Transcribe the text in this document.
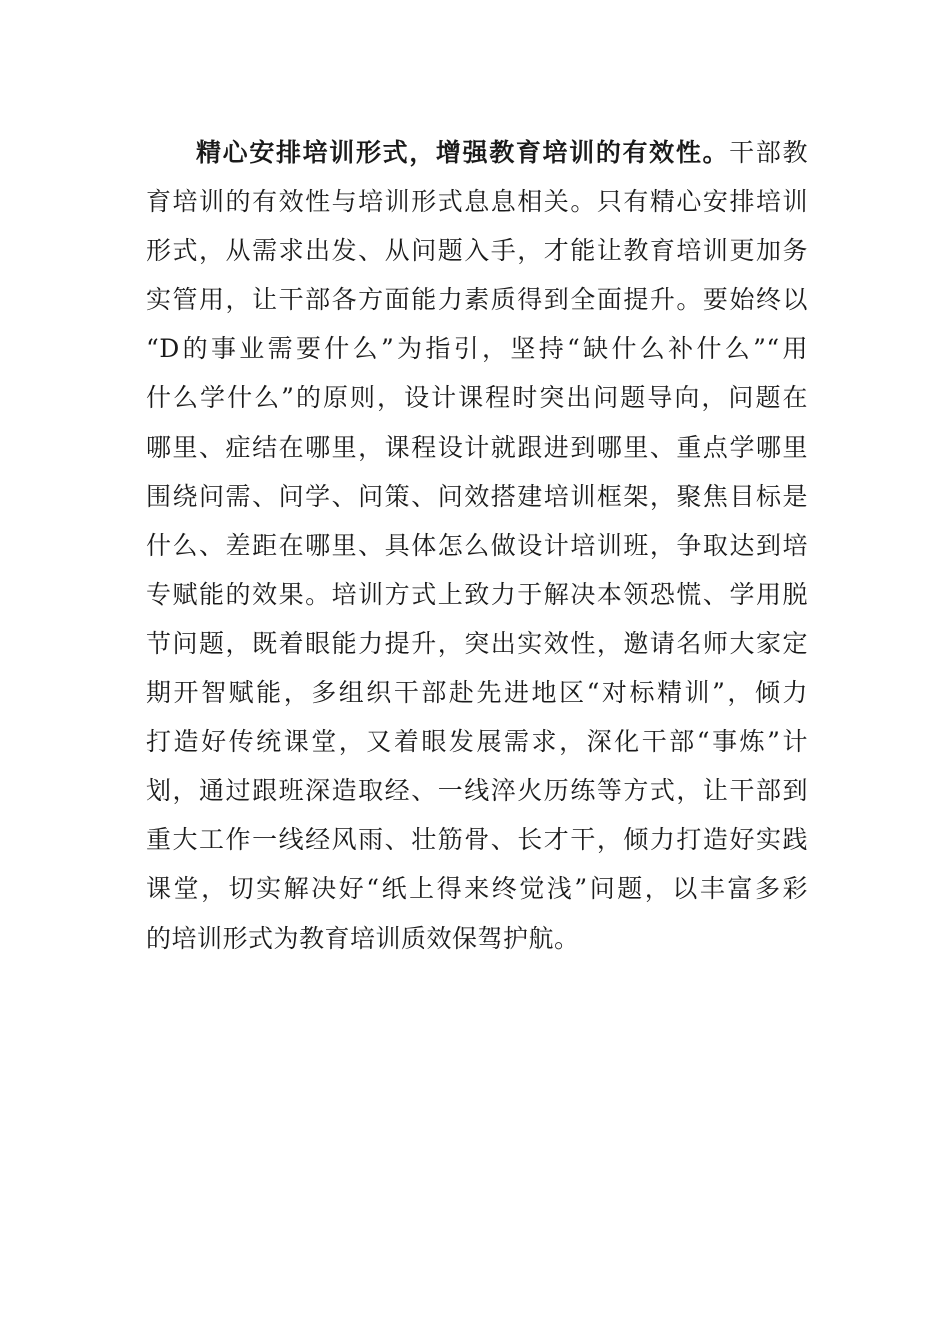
精心安排培训形式，增强教育培训的有效性。干部教
育培训的有效性与培训形式息息相关。只有精心安排培训
形式，从需求出发、从问题入手，才能让教育培训更加务
实管用，让干部各方面能力素质得到全面提升。要始终以
“D的事业需要什么”为指引，坚持“缺什么补什么”“用
什么学什么”的原则，设计课程时突出问题导向，问题在
哪里、症结在哪里，课程设计就跟进到哪里、重点学哪里
围绕问需、问学、问策、问效搭建培训框架，聚焦目标是
什么、差距在哪里、具体怎么做设计培训班，争取达到培
专赋能的效果。培训方式上致力于解决本领恐慌、学用脱
节问题，既着眼能力提升，突出实效性，邀请名师大家定
期开智赋能，多组织干部赴先进地区“对标精训”，倾力
打造好传统课堂，又着眼发展需求，深化干部“事炼”计
划，通过跟班深造取经、一线淬火历练等方式，让干部到
重大工作一线经风雨、壮筋骨、长才干，倾力打造好实践
课堂，切实解决好“纸上得来终觉浅”问题，以丰富多彩
的培训形式为教育培训质效保驾护航。
